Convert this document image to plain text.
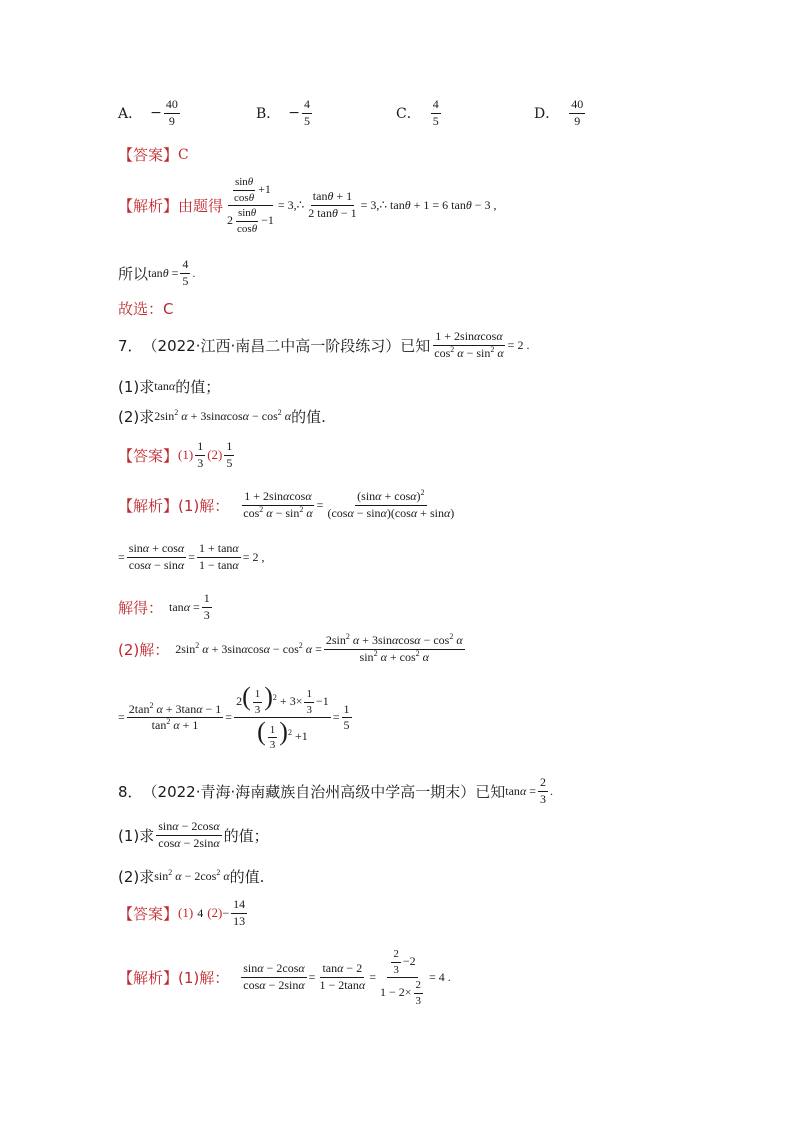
A． − $\frac{40}{9}$	B． − $\frac{4}{5}$	C． $\frac{4}{5}$	D． $\frac{40}{9}$
【答案】 C
【解析】 由题得 $\frac{\frac{\sin\theta}{\cos\theta} +1}{2 \frac{\sin\theta}{\cos\theta} -1}$ = 3,∴ $\frac{\tan\theta + 1}{2 \tan\theta - 1}$ = 3,∴ tanθ + 1 = 6 tanθ − 3 ,
所以 $\tan\theta = \frac{4}{5}$ .
故选：C
7． （2022·江西·南昌二中高一阶段练习）已知 $\frac{1 + 2\sin\alpha\cos\alpha}{\cos^2 \alpha - \sin^2 \alpha} = 2$ .
(1)求 tanα 的值；
(2)求 $2\sin^2$ $\alpha + 3\sin\alpha\cos\alpha - \cos^2 \alpha$ 的值.
【答案】 $(1) \frac{1}{3} (2) \frac{1}{5}$
【解析】 (1)解： $\frac{1 + 2\sin\alpha\cos\alpha}{\cos^2 \alpha - \sin^2 \alpha} = \frac{(\sin\alpha + \cos\alpha)^2}{(\cos\alpha - \sin\alpha)(\cos\alpha + \sin\alpha)}$
= $\frac{\sin\alpha + \cos\alpha}{\cos\alpha - \sin\alpha} = \frac{1 + \tan\alpha}{1 - \tan\alpha} = 2$ ,
解得： $\tan\alpha = \frac{1}{3}$
(2)解： $2\sin^2$ $\alpha + 3\sin\alpha\cos\alpha - \cos^2 \alpha = \frac{2\sin^2 \alpha + 3\sin\alpha\cos\alpha - \cos^2 \alpha}{\sin^2 \alpha + \cos^2 \alpha}$
= $\frac{2\tan^2 \alpha + 3\tan\alpha - 1}{\tan^2 \alpha + 1} = \frac{2( \frac{1}{3} )^2 + 3\times \frac{1}{3} -1}{( \frac{1}{3} )^2 +1} = \frac{1}{5}$
8． （2022·青海·海南藏族自治州高级中学高一期末）已知 $\tan\alpha = \frac{2}{3}$ .
(1)求 $\frac{\sin\alpha - 2\cos\alpha}{\cos\alpha - 2\sin\alpha}$ 的值；
(2)求 $\sin^2 \alpha - 2\cos^2$ α 的值.
【答案】 (1) 4 $(2) - \frac{14}{13}$
【解析】 (1)解： $\frac{\sin\alpha - 2\cos\alpha}{\cos\alpha - 2\sin\alpha} = \frac{\tan\alpha - 2}{1 - 2\tan\alpha} = \frac{\frac{2}{3} -2}{1 - 2\times \frac{2}{3}} = 4$ .
